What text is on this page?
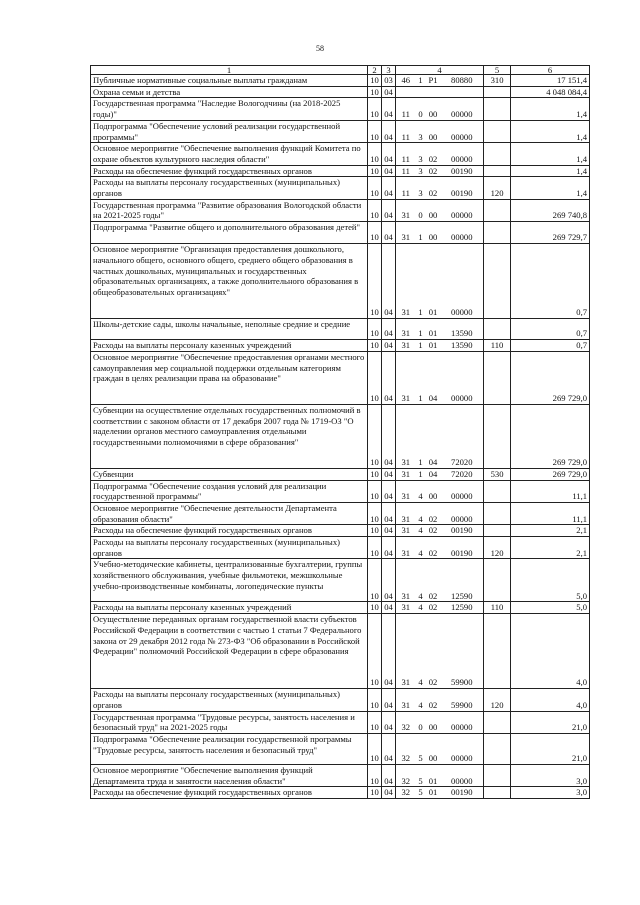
58
1	2	3	4				5	6
Публичные нормативные социальные выплаты гражданам	10	03	46	1	P1	80880	310	17 151,4
Охрана семьи и детства	10	04						4 048 084,4
Государственная программа "Наследие Вологодчины (на 2018-2025 годы)"	10	04	11	0	00	00000		1,4
Подпрограмма "Обеспечение условий реализации государственной программы"	10	04	11	3	00	00000		1,4
Основное мероприятие "Обеспечение выполнения функций Комитета по охране объектов культурного наследия области"	10	04	11	3	02	00000		1,4
Расходы на обеспечение функций государственных органов	10	04	11	3	02	00190		1,4
Расходы на выплаты персоналу государственных (муниципальных) органов	10	04	11	3	02	00190	120	1,4
Государственная программа "Развитие образования Вологодской области на 2021-2025 годы"	10	04	31	0	00	00000		269 740,8
Подпрограмма "Развитие общего и дополнительного образования детей"	10	04	31	1	00	00000		269 729,7
Основное мероприятие "Организация предоставления дошкольного, начального общего, основного общего, среднего общего образования в частных дошкольных, муниципальных и государственных образовательных организациях, а также дополнительного образования в общеобразовательных организациях"	10	04	31	1	01	00000		0,7
Школы-детские сады, школы начальные, неполные средние и средние	10	04	31	1	01	13590		0,7
Расходы на выплаты персоналу казенных учреждений	10	04	31	1	01	13590	110	0,7
Основное мероприятие "Обеспечение предоставления органами местного самоуправления мер социальной поддержки отдельным категориям граждан в целях реализации права на образование"	10	04	31	1	04	00000		269 729,0
Субвенции на осуществление отдельных государственных полномочий в соответствии с законом области от 17 декабря 2007 года № 1719-ОЗ "О наделении органов местного самоуправления отдельными государственными полномочиями в сфере образования"	10	04	31	1	04	72020		269 729,0
Субвенции	10	04	31	1	04	72020	530	269 729,0
Подпрограмма "Обеспечение создания условий для реализации государственной программы"	10	04	31	4	00	00000		11,1
Основное мероприятие "Обеспечение деятельности Департамента образования области"	10	04	31	4	02	00000		11,1
Расходы на обеспечение функций государственных органов	10	04	31	4	02	00190		2,1
Расходы на выплаты персоналу государственных (муниципальных) органов	10	04	31	4	02	00190	120	2,1
Учебно-методические кабинеты, централизованные бухгалтерии, группы хозяйственного обслуживания, учебные фильмотеки, межшкольные учебно-производственные комбинаты, логопедические пункты	10	04	31	4	02	12590		5,0
Расходы на выплаты персоналу казенных учреждений	10	04	31	4	02	12590	110	5,0
Осуществление переданных органам государственной власти субъектов Российской Федерации в соответствии с частью 1 статьи 7 Федерального закона от 29 декабря 2012 года № 273-ФЗ "Об образовании в Российской Федерации" полномочий Российской Федерации в сфере образования	10	04	31	4	02	59900		4,0
Расходы на выплаты персоналу государственных (муниципальных) органов	10	04	31	4	02	59900	120	4,0
Государственная программа "Трудовые ресурсы, занятость населения и безопасный труд" на 2021-2025 годы	10	04	32	0	00	00000		21,0
Подпрограмма "Обеспечение реализации государственной программы "Трудовые ресурсы, занятость населения и безопасный труд"	10	04	32	5	00	00000		21,0
Основное мероприятие "Обеспечение выполнения функций Департамента труда и занятости населения области"	10	04	32	5	01	00000		3,0
Расходы на обеспечение функций государственных органов	10	04	32	5	01	00190		3,0
